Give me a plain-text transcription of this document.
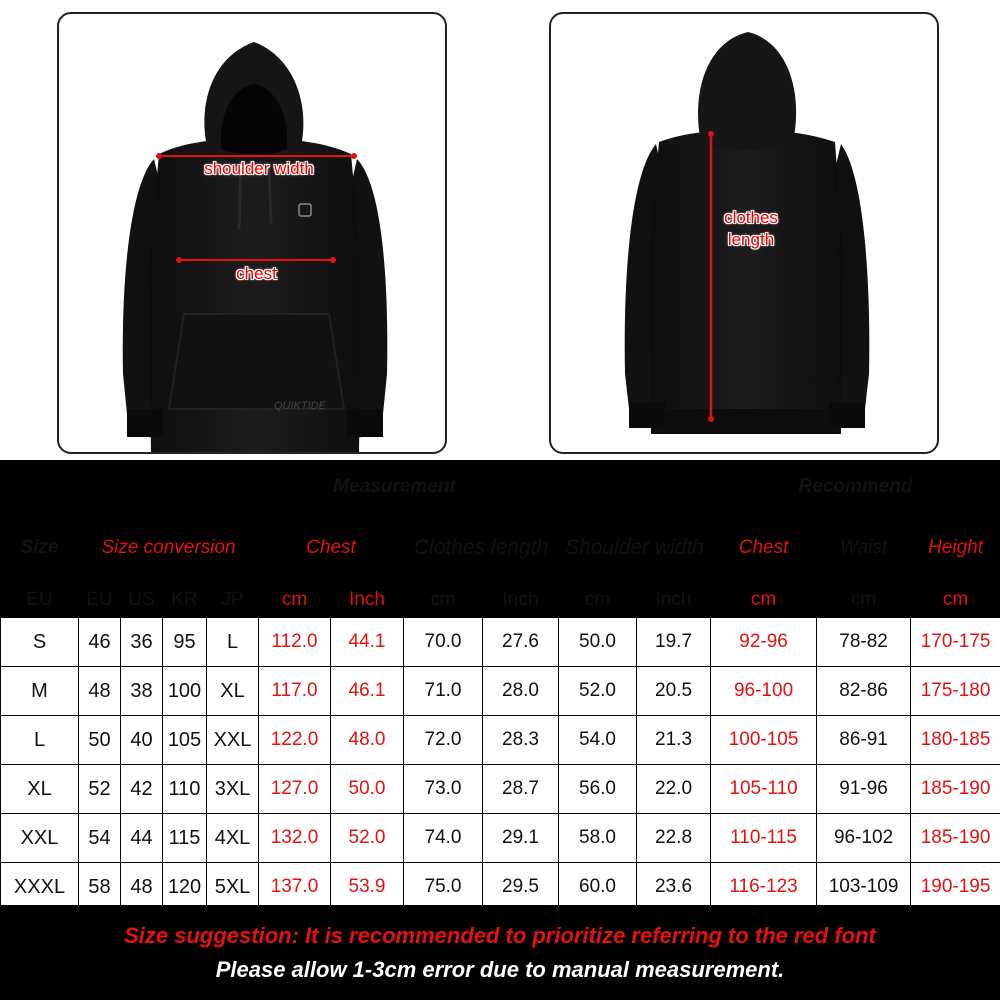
QUIKTIDE
shoulder width
chest
clothes
length
	Measurement										Recommend		
Size	Size conversion				Chest		Clothes length		Shoulder width		Chest	Waist	Height
EU	EU	US	KR	JP	cm	Inch	cm	Inch	cm	Inch	cm	cm	cm
S	46	36	95	L	112.0	44.1	70.0	27.6	50.0	19.7	92-96	78-82	170-175
M	48	38	100	XL	117.0	46.1	71.0	28.0	52.0	20.5	96-100	82-86	175-180
L	50	40	105	XXL	122.0	48.0	72.0	28.3	54.0	21.3	100-105	86-91	180-185
XL	52	42	110	3XL	127.0	50.0	73.0	28.7	56.0	22.0	105-110	91-96	185-190
XXL	54	44	115	4XL	132.0	52.0	74.0	29.1	58.0	22.8	110-115	96-102	185-190
XXXL	58	48	120	5XL	137.0	53.9	75.0	29.5	60.0	23.6	116-123	103-109	190-195
Size suggestion: It is recommended to prioritize referring to the red font
Please allow 1-3cm error due to manual measurement.
